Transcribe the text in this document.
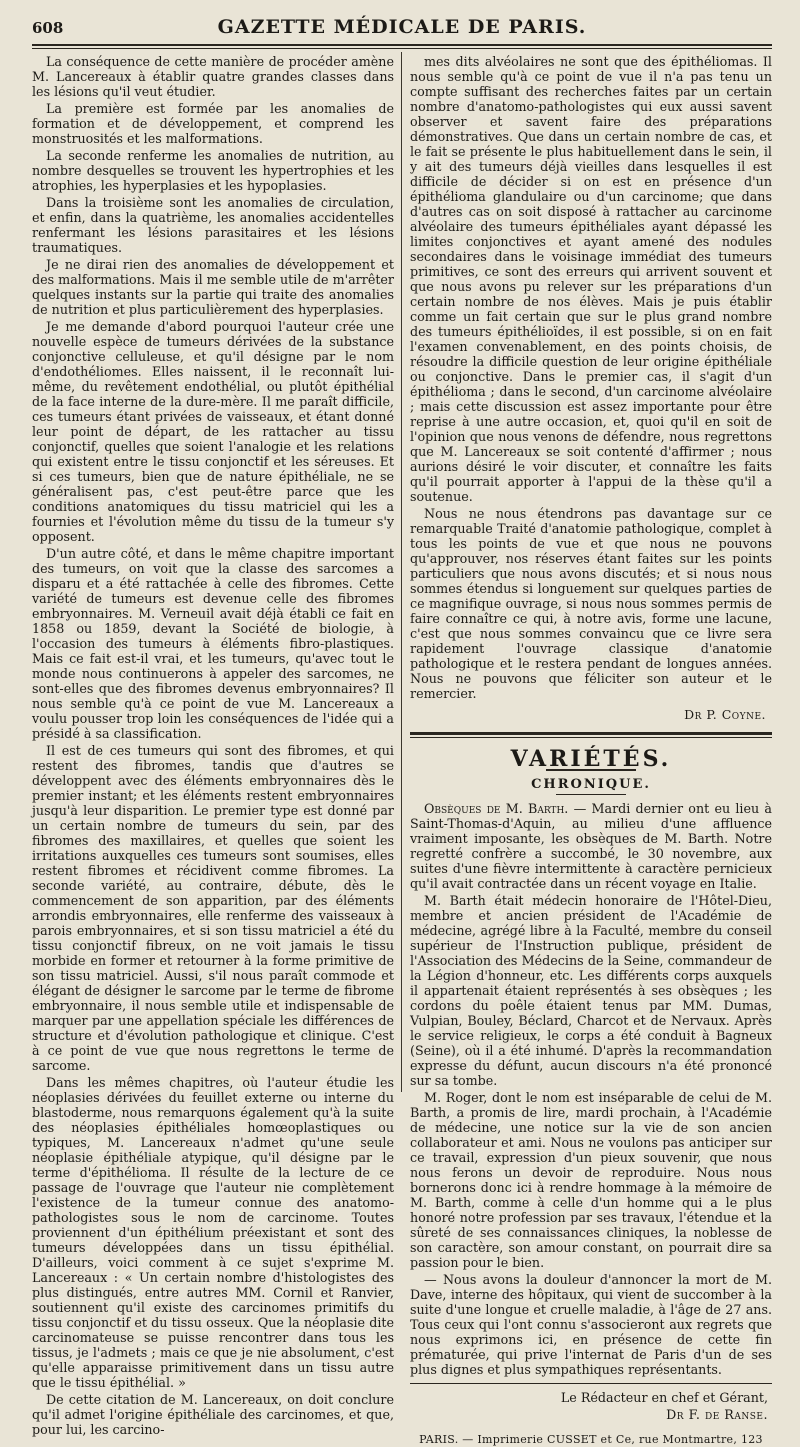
608	GAZETTE MÉDICALE DE PARIS.

La conséquence de cette manière de procéder amène M. Lancereaux à établir quatre grandes classes dans les lésions qu'il veut étudier.

La première est formée par les anomalies de formation et de développement, et comprend les monstruosités et les malformations.

La seconde renferme les anomalies de nutrition, au nombre desquelles se trouvent les hypertrophies et les atrophies, les hyperplasies et les hypoplasies.

Dans la troisième sont les anomalies de circulation, et enfin, dans la quatrième, les anomalies accidentelles renfermant les lésions parasitaires et les lésions traumatiques.

Je ne dirai rien des anomalies de développement et des malformations. Mais il me semble utile de m'arrêter quelques instants sur la partie qui traite des anomalies de nutrition et plus particulièrement des hyperplasies.

Je me demande d'abord pourquoi l'auteur crée une nouvelle espèce de tumeurs dérivées de la substance conjonctive celluleuse, et qu'il désigne par le nom d'endothéliomes. Elles naissent, il le reconnaît lui-même, du revêtement endothélial, ou plutôt épithélial de la face interne de la dure-mère. Il me paraît difficile, ces tumeurs étant privées de vaisseaux, et étant donné leur point de départ, de les rattacher au tissu conjonctif, quelles que soient l'analogie et les relations qui existent entre le tissu conjonctif et les séreuses. Et si ces tumeurs, bien que de nature épithéliale, ne se généralisent pas, c'est peut-être parce que les conditions anatomiques du tissu matriciel qui les a fournies et l'évolution même du tissu de la tumeur s'y opposent.

D'un autre côté, et dans le même chapitre important des tumeurs, on voit que la classe des sarcomes a disparu et a été rattachée à celle des fibromes. Cette variété de tumeurs est devenue celle des fibromes embryonnaires. M. Verneuil avait déjà établi ce fait en 1858 ou 1859, devant la Société de biologie, à l'occasion des tumeurs à éléments fibro-plastiques. Mais ce fait est-il vrai, et les tumeurs, qu'avec tout le monde nous continuerons à appeler des sarcomes, ne sont-elles que des fibromes devenus embryonnaires? Il nous semble qu'à ce point de vue M. Lancereaux a voulu pousser trop loin les conséquences de l'idée qui a présidé à sa classification.

Il est de ces tumeurs qui sont des fibromes, et qui restent des fibromes, tandis que d'autres se développent avec des éléments embryonnaires dès le premier instant; et les éléments restent embryonnaires jusqu'à leur disparition. Le premier type est donné par un certain nombre de tumeurs du sein, par des fibromes des maxillaires, et quelles que soient les irritations auxquelles ces tumeurs sont soumises, elles restent fibromes et récidivent comme fibromes. La seconde variété, au contraire, débute, dès le commencement de son apparition, par des éléments arrondis embryonnaires, elle renferme des vaisseaux à parois embryonnaires, et si son tissu matriciel a été du tissu conjonctif fibreux, on ne voit jamais le tissu morbide en former et retourner à la forme primitive de son tissu matriciel. Aussi, s'il nous paraît commode et élégant de désigner le sarcome par le terme de fibrome embryonnaire, il nous semble utile et indispensable de marquer par une appellation spéciale les différences de structure et d'évolution pathologique et clinique. C'est à ce point de vue que nous regrettons le terme de sarcome.

Dans les mêmes chapitres, où l'auteur étudie les néoplasies dérivées du feuillet externe ou interne du blastoderme, nous remarquons également qu'à la suite des néoplasies épithéliales homœoplastiques ou typiques, M. Lancereaux n'admet qu'une seule néoplasie épithéliale atypique, qu'il désigne par le terme d'épithélioma. Il résulte de la lecture de ce passage de l'ouvrage que l'auteur nie complètement l'existence de la tumeur connue des anatomo-pathologistes sous le nom de carcinome. Toutes proviennent d'un épithélium préexistant et sont des tumeurs développées dans un tissu épithélial. D'ailleurs, voici comment à ce sujet s'exprime M. Lancereaux : « Un certain nombre d'histologistes des plus distingués, entre autres MM. Cornil et Ranvier, soutiennent qu'il existe des carcinomes primitifs du tissu conjonctif et du tissu osseux. Que la néoplasie dite carcinomateuse se puisse rencontrer dans tous les tissus, je l'admets ; mais ce que je nie absolument, c'est qu'elle apparaisse primitivement dans un tissu autre que le tissu épithélial. »

De cette citation de M. Lancereaux, on doit conclure qu'il admet l'origine épithéliale des carcinomes, et que, pour lui, les carcino-

mes dits alvéolaires ne sont que des épithéliomas. Il nous semble qu'à ce point de vue il n'a pas tenu un compte suffisant des recherches faites par un certain nombre d'anatomo-pathologistes qui eux aussi savent observer et savent faire des préparations démonstratives. Que dans un certain nombre de cas, et le fait se présente le plus habituellement dans le sein, il y ait des tumeurs déjà vieilles dans lesquelles il est difficile de décider si on est en présence d'un épithélioma glandulaire ou d'un carcinome; que dans d'autres cas on soit disposé à rattacher au carcinome alvéolaire des tumeurs épithéliales ayant dépassé les limites conjonctives et ayant amené des nodules secondaires dans le voisinage immédiat des tumeurs primitives, ce sont des erreurs qui arrivent souvent et que nous avons pu relever sur les préparations d'un certain nombre de nos élèves. Mais je puis établir comme un fait certain que sur le plus grand nombre des tumeurs épithélioïdes, il est possible, si on en fait l'examen convenablement, en des points choisis, de résoudre la difficile question de leur origine épithéliale ou conjonctive. Dans le premier cas, il s'agit d'un épithélioma ; dans le second, d'un carcinome alvéolaire ; mais cette discussion est assez importante pour être reprise à une autre occasion, et, quoi qu'il en soit de l'opinion que nous venons de défendre, nous regrettons que M. Lancereaux se soit contenté d'affirmer ; nous aurions désiré le voir discuter, et connaître les faits qu'il pourrait apporter à l'appui de la thèse qu'il a soutenue.

Nous ne nous étendrons pas davantage sur ce remarquable Traité d'anatomie pathologique, complet à tous les points de vue et que nous ne pouvons qu'approuver, nos réserves étant faites sur les points particuliers que nous avons discutés; et si nous nous sommes étendus si longuement sur quelques parties de ce magnifique ouvrage, si nous nous sommes permis de faire connaître ce qui, à notre avis, forme une lacune, c'est que nous sommes convaincu que ce livre sera rapidement l'ouvrage classique d'anatomie pathologique et le restera pendant de longues années. Nous ne pouvons que féliciter son auteur et le remercier.

Dr P. Coyne.

VARIÉTÉS.

CHRONIQUE.

Obsèques de M. Barth. — Mardi dernier ont eu lieu à Saint-Thomas-d'Aquin, au milieu d'une affluence vraiment imposante, les obsèques de M. Barth. Notre regretté confrère a succombé, le 30 novembre, aux suites d'une fièvre intermittente à caractère pernicieux qu'il avait contractée dans un récent voyage en Italie.

M. Barth était médecin honoraire de l'Hôtel-Dieu, membre et ancien président de l'Académie de médecine, agrégé libre à la Faculté, membre du conseil supérieur de l'Instruction publique, président de l'Association des Médecins de la Seine, commandeur de la Légion d'honneur, etc. Les différents corps auxquels il appartenait étaient représentés à ses obsèques ; les cordons du poêle étaient tenus par MM. Dumas, Vulpian, Bouley, Béclard, Charcot et de Nervaux. Après le service religieux, le corps a été conduit à Bagneux (Seine), où il a été inhumé. D'après la recommandation expresse du défunt, aucun discours n'a été prononcé sur sa tombe.

M. Roger, dont le nom est inséparable de celui de M. Barth, a promis de lire, mardi prochain, à l'Académie de médecine, une notice sur la vie de son ancien collaborateur et ami. Nous ne voulons pas anticiper sur ce travail, expression d'un pieux souvenir, que nous nous ferons un devoir de reproduire. Nous nous bornerons donc ici à rendre hommage à la mémoire de M. Barth, comme à celle d'un homme qui a le plus honoré notre profession par ses travaux, l'étendue et la sûreté de ses connaissances cliniques, la noblesse de son caractère, son amour constant, on pourrait dire sa passion pour le bien.

— Nous avons la douleur d'annoncer la mort de M. Dave, interne des hôpitaux, qui vient de succomber à la suite d'une longue et cruelle maladie, à l'âge de 27 ans. Tous ceux qui l'ont connu s'associeront aux regrets que nous exprimons ici, en présence de cette fin prématurée, qui prive l'internat de Paris d'un de ses plus dignes et plus sympathiques représentants.

Le Rédacteur en chef et Gérant,

Dr F. de Ranse.

PARIS. — Imprimerie CUSSET et Ce, rue Montmartre, 123
